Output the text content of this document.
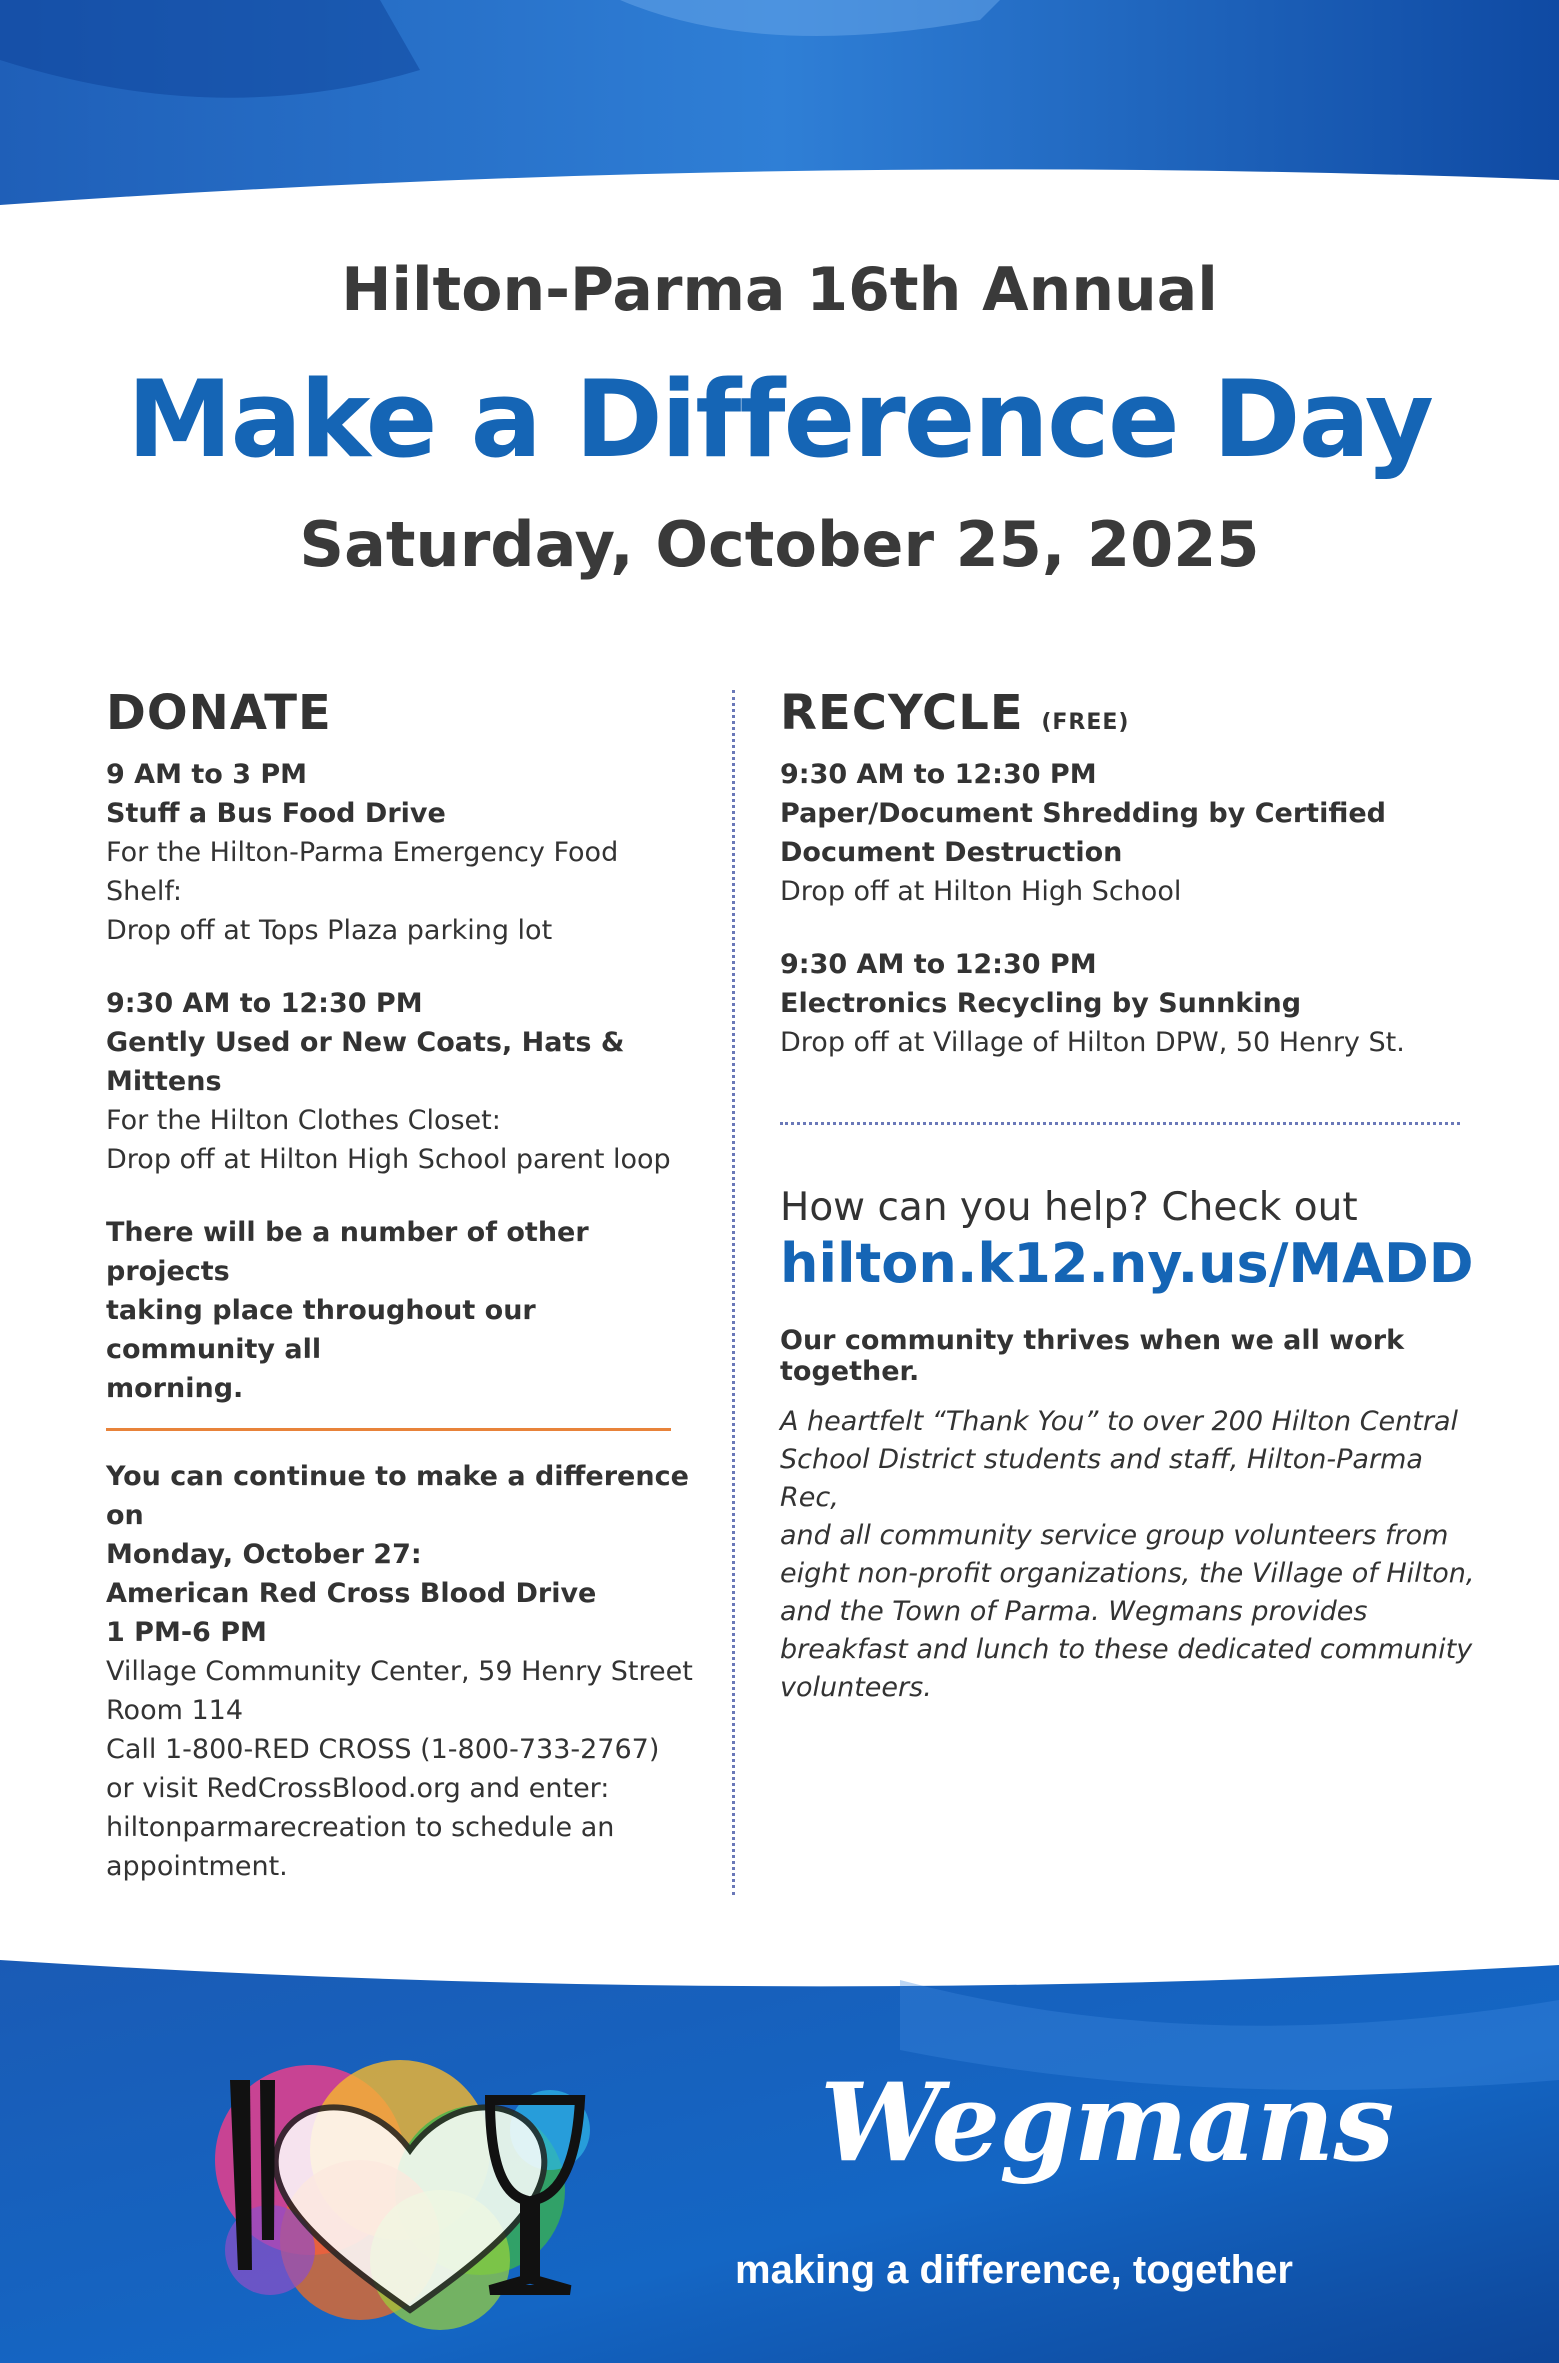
Hilton-Parma 16th Annual
Make a Difference Day
Saturday, October 25, 2025
DONATE
9 AM to 3 PM
Stuff a Bus Food Drive
For the Hilton-Parma Emergency Food Shelf:
Drop off at Tops Plaza parking lot
9:30 AM to 12:30 PM
Gently Used or New Coats, Hats & Mittens
For the Hilton Clothes Closet:
Drop off at Hilton High School parent loop
There will be a number of other projects
taking place throughout our community all
morning.
You can continue to make a difference on
Monday, October 27:
American Red Cross Blood Drive
1 PM-6 PM
Village Community Center, 59 Henry Street
Room 114
Call 1-800-RED CROSS (1-800-733-2767)
or visit RedCrossBlood.org and enter:
hiltonparmarecreation to schedule an
appointment.
RECYCLE (FREE)
9:30 AM to 12:30 PM
Paper/Document Shredding by Certified
Document Destruction
Drop off at Hilton High School
9:30 AM to 12:30 PM
Electronics Recycling by Sunnking
Drop off at Village of Hilton DPW, 50 Henry St.
How can you help? Check out
hilton.k12.ny.us/MADD
Our community thrives when we all work together.
A heartfelt “Thank You” to over 200 Hilton Central
School District students and staff, Hilton-Parma Rec,
and all community service group volunteers from
eight non-profit organizations, the Village of Hilton,
and the Town of Parma. Wegmans provides
breakfast and lunch to these dedicated community
volunteers.
Wegmans
making a difference, together
